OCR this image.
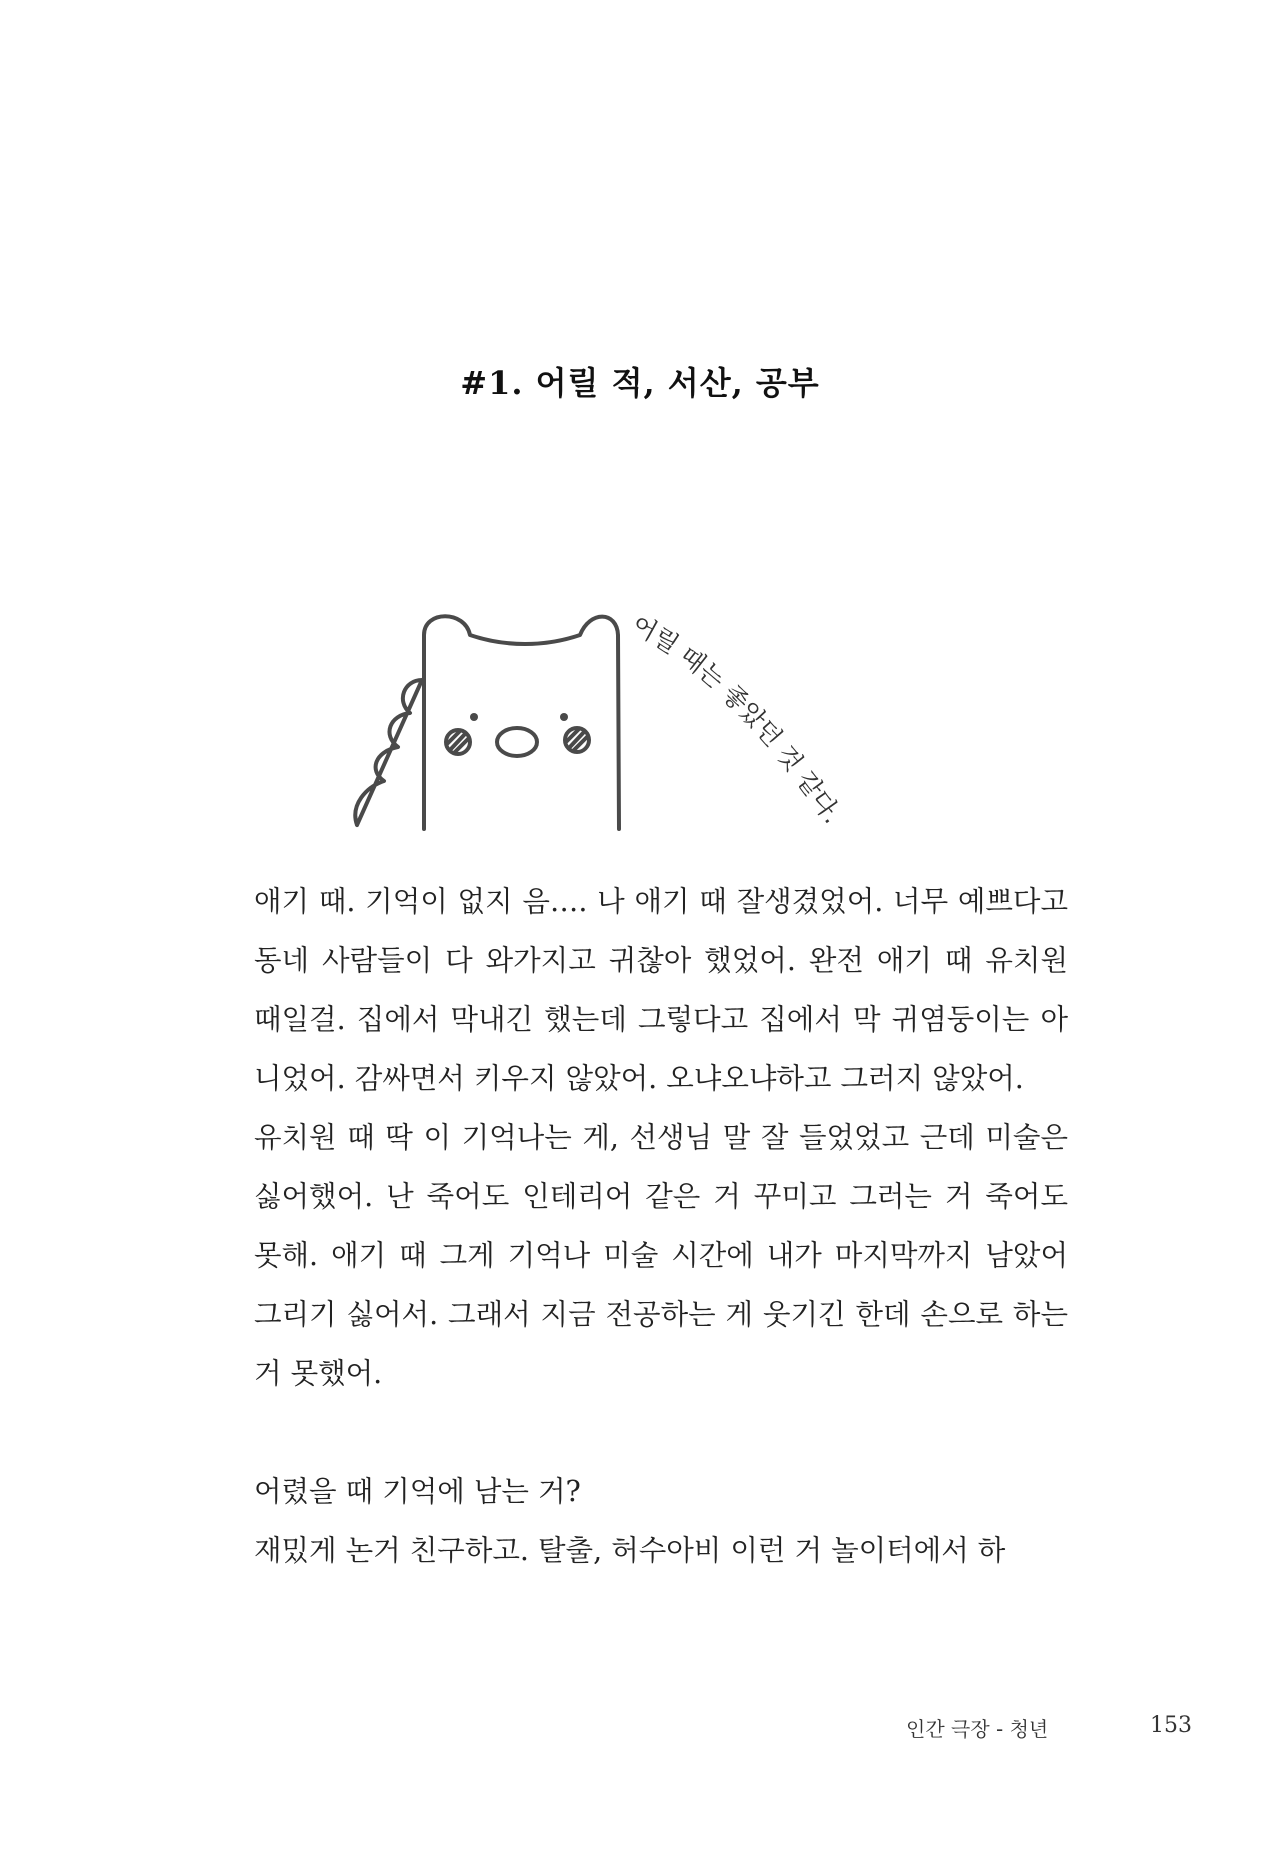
#1. 어릴 적, 서산, 공부
어릴 때는 좋았던 것 같다.

애기 때. 기억이 없지 음…. 나 애기 때 잘생겼었어. 너무 예쁘다고 동네 사람들이 다 와가지고 귀찮아 했었어. 완전 애기 때 유치원 때일걸. 집에서 막내긴 했는데 그렇다고 집에서 막 귀염둥이는 아니었어. 감싸면서 키우지 않았어. 오냐오냐하고 그러지 않았어.

유치원 때 딱 이 기억나는 게, 선생님 말 잘 들었었고 근데 미술은 싫어했어. 난 죽어도 인테리어 같은 거 꾸미고 그러는 거 죽어도 못해. 애기 때 그게 기억나 미술 시간에 내가 마지막까지 남았어 그리기 싫어서. 그래서 지금 전공하는 게 웃기긴 한데 손으로 하는 거 못했어.

어렸을 때 기억에 남는 거?

재밌게 논거 친구하고. 탈출, 허수아비 이런 거 놀이터에서 하

인간 극장 - 청년	153
